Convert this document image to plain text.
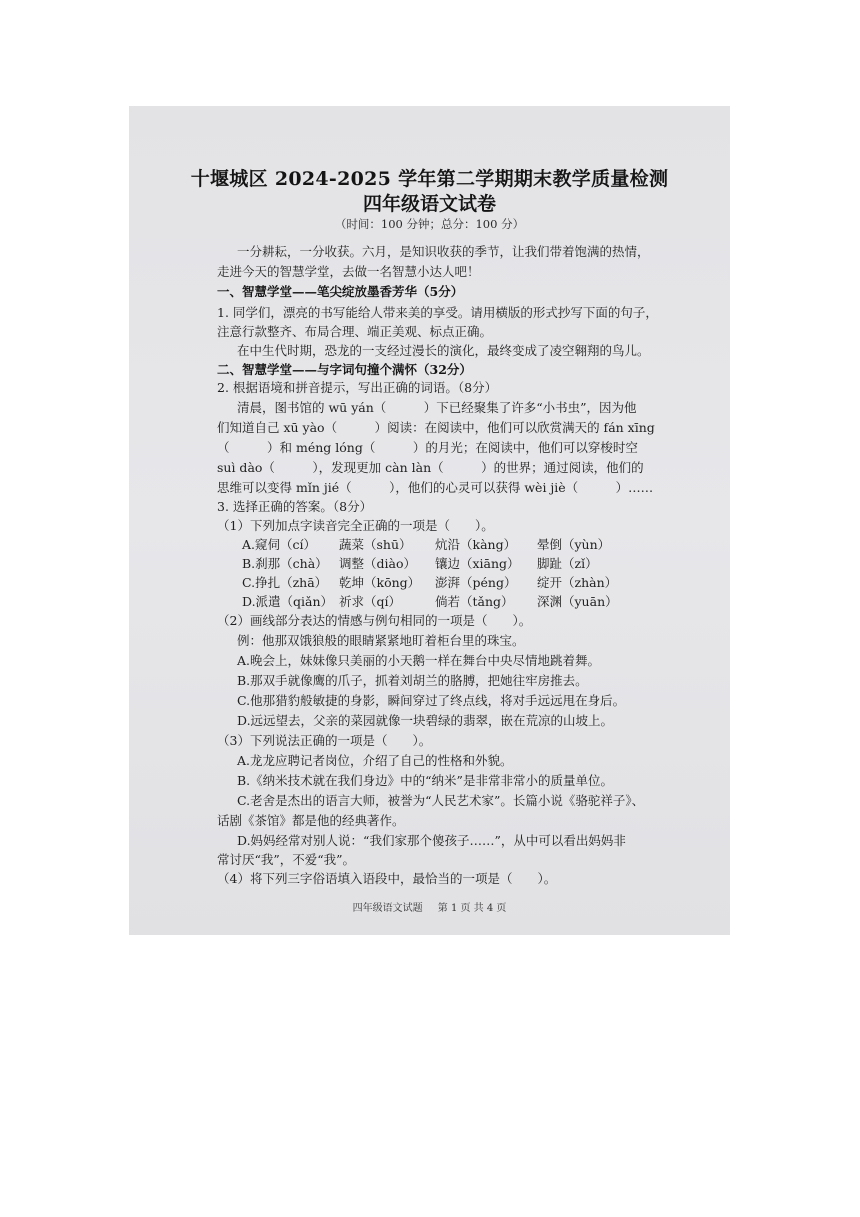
十堰城区 2024-2025 学年第二学期期末教学质量检测
四年级语文试卷
（时间：100 分钟；总分：100 分）
一分耕耘，一分收获。六月，是知识收获的季节，让我们带着饱满的热情，
走进今天的智慧学堂，去做一名智慧小达人吧！
一、智慧学堂——笔尖绽放墨香芳华（5分）
1. 同学们，漂亮的书写能给人带来美的享受。请用横版的形式抄写下面的句子，
注意行款整齐、布局合理、端正美观、标点正确。
在中生代时期，恐龙的一支经过漫长的演化，最终变成了凌空翱翔的鸟儿。
二、智慧学堂——与字词句撞个满怀（32分）
2. 根据语境和拼音提示，写出正确的词语。（8分）
清晨，图书馆的 wū yán（　　　）下已经聚集了许多“小书虫”，因为他
们知道自己 xū yào（　　　）阅读：在阅读中，他们可以欣赏满天的 fán xīng
（　　　）和 méng lóng（　　　）的月光；在阅读中，他们可以穿梭时空
suì dào（　　　），发现更加 càn làn（　　　）的世界；通过阅读，他们的
思维可以变得 mǐn jié（　　　），他们的心灵可以获得 wèi jiè（　　　）……
3. 选择正确的答案。（8分）
（1）下列加点字读音完全正确的一项是（　　）。
A.窥伺（cí） 蔬菜（shū） 炕沿（kàng） 晕倒（yùn）
B.刹那（chà） 调整（diào） 镶边（xiāng） 脚趾（zǐ）
C.挣扎（zhā） 乾坤（kōng） 澎湃（péng） 绽开（zhàn）
D.派遣（qiǎn） 祈求（qí）	倘若（tǎng） 深渊（yuān）
（2）画线部分表达的情感与例句相同的一项是（　　）。
例：他那双饿狼般的眼睛紧紧地盯着柜台里的珠宝。
A.晚会上，妹妹像只美丽的小天鹅一样在舞台中央尽情地跳着舞。
B.那双手就像鹰的爪子，抓着刘胡兰的胳膊，把她往牢房推去。
C.他那猎豹般敏捷的身影，瞬间穿过了终点线，将对手远远甩在身后。
D.远远望去，父亲的菜园就像一块碧绿的翡翠，嵌在荒凉的山坡上。
（3）下列说法正确的一项是（　　）。
A.龙龙应聘记者岗位，介绍了自己的性格和外貌。
B.《纳米技术就在我们身边》中的“纳米”是非常非常小的质量单位。
C.老舍是杰出的语言大师，被誉为“人民艺术家”。长篇小说《骆驼祥子》、
话剧《茶馆》都是他的经典著作。
D.妈妈经常对别人说：“我们家那个傻孩子……”，从中可以看出妈妈非
常讨厌“我”，不爱“我”。
（4）将下列三字俗语填入语段中，最恰当的一项是（　　）。
四年级语文试题 第 1 页 共 4 页
